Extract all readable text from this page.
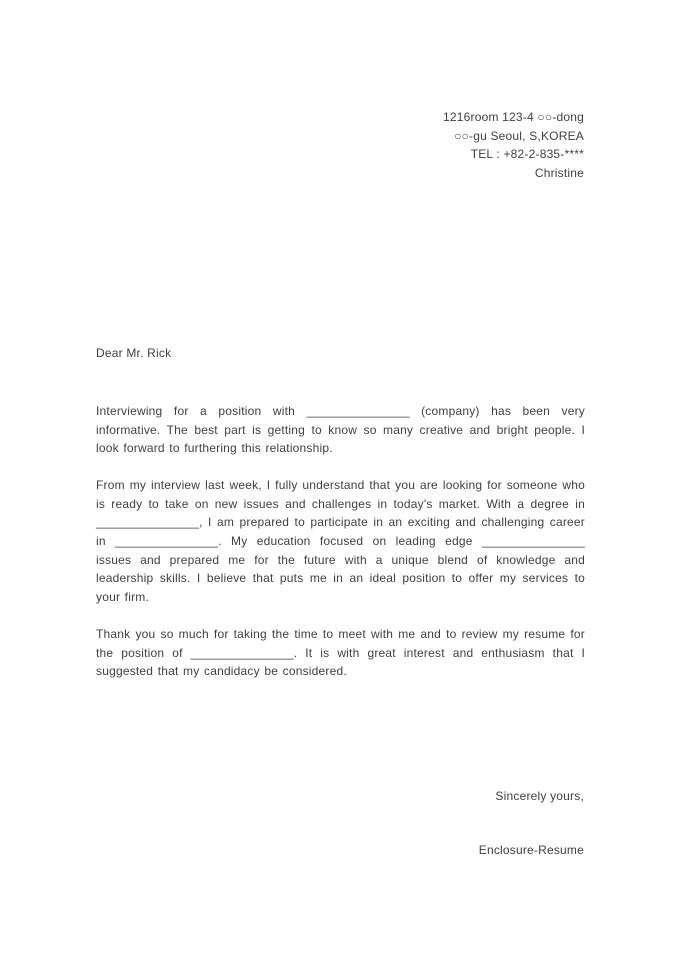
1216room 123-4 ○○-dong
○○-gu Seoul, S,KOREA
TEL : +82-2-835-****
Christine
Dear Mr. Rick

Interviewing for a position with _______________ (company) has been very informative. The best part is getting to know so many creative and bright people. I look forward to furthering this relationship.

From my interview last week, I fully understand that you are looking for someone who is ready to take on new issues and challenges in today's market. With a degree in _______________, I am prepared to participate in an exciting and challenging career in _______________. My education focused on leading edge _______________ issues and prepared me for the future with a unique blend of knowledge and leadership skills. I believe that puts me in an ideal position to offer my services to your firm.

Thank you so much for taking the time to meet with me and to review my resume for the position of _______________. It is with great interest and enthusiasm that I suggested that my candidacy be considered.

Sincerely yours,
Enclosure-Resume
